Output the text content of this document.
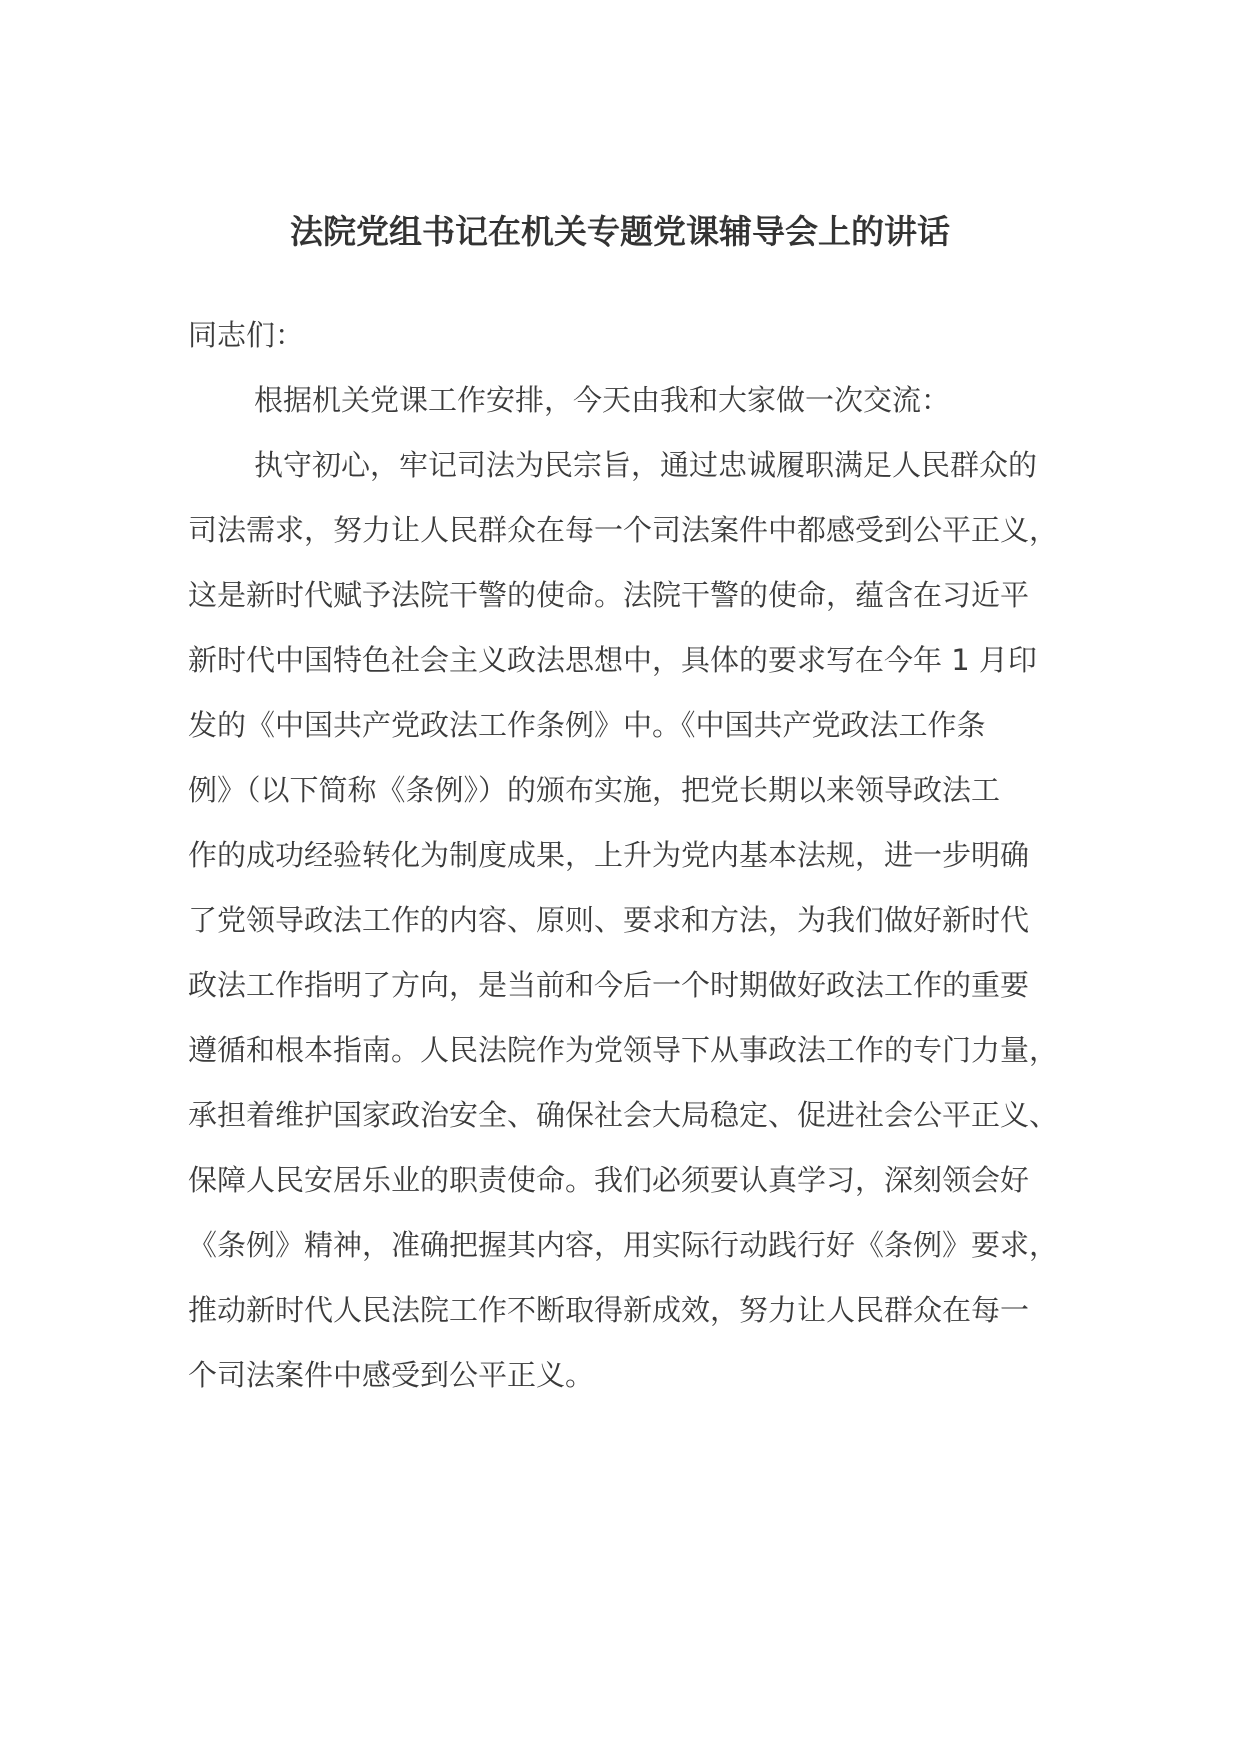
法院党组书记在机关专题党课辅导会上的讲话

同志们：

根据机关党课工作安排，今天由我和大家做一次交流：

执守初心，牢记司法为民宗旨，通过忠诚履职满足人民群众的
司法需求，努力让人民群众在每一个司法案件中都感受到公平正义，
这是新时代赋予法院干警的使命。法院干警的使命，蕴含在习近平
新时代中国特色社会主义政法思想中，具体的要求写在今年 1 月印
发的《中国共产党政法工作条例》中。《中国共产党政法工作条
例》（以下简称《条例》）的颁布实施，把党长期以来领导政法工
作的成功经验转化为制度成果，上升为党内基本法规，进一步明确
了党领导政法工作的内容、原则、要求和方法，为我们做好新时代
政法工作指明了方向，是当前和今后一个时期做好政法工作的重要
遵循和根本指南。人民法院作为党领导下从事政法工作的专门力量，
承担着维护国家政治安全、确保社会大局稳定、促进社会公平正义、
保障人民安居乐业的职责使命。我们必须要认真学习，深刻领会好
《条例》精神，准确把握其内容，用实际行动践行好《条例》要求，
推动新时代人民法院工作不断取得新成效，努力让人民群众在每一
个司法案件中感受到公平正义。
